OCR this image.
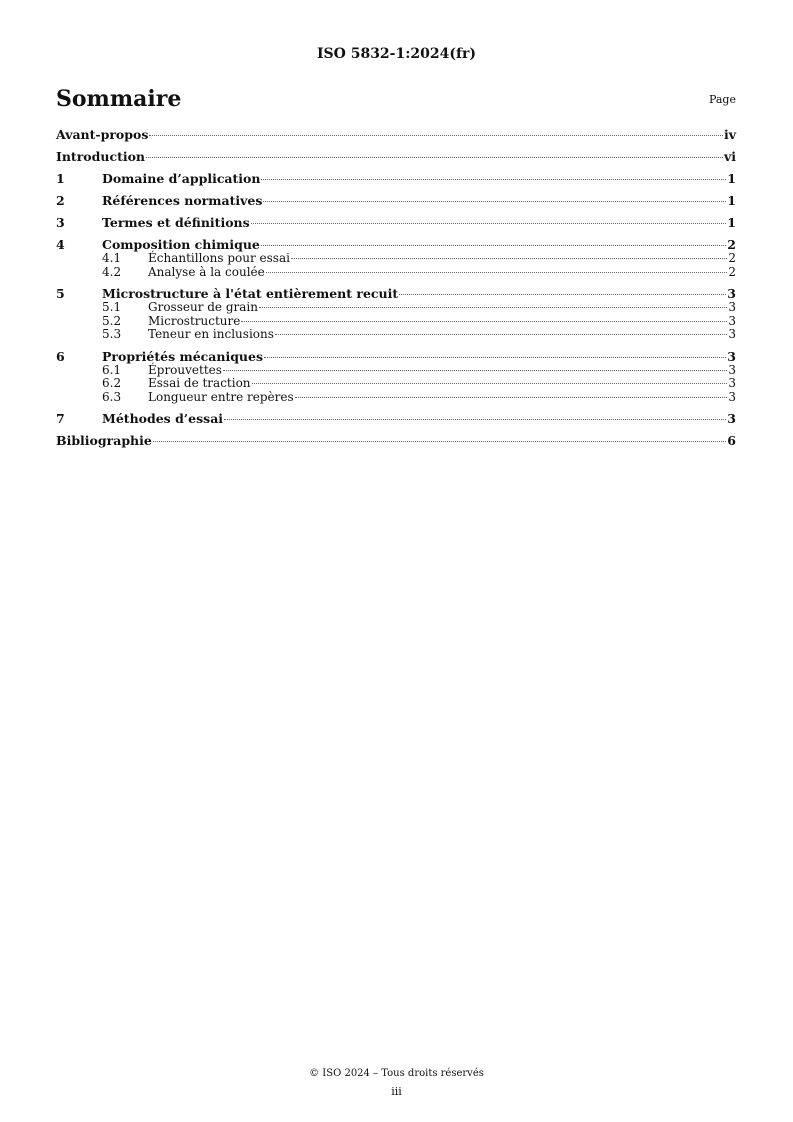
ISO 5832-1:2024(fr)
Sommaire	Page
Avant-propos	iv
Introduction	vi
1	Domaine d’application	1
2	Références normatives	1
3	Termes et définitions	1
4	Composition chimique	2
4.1	Échantillons pour essai	2
4.2	Analyse à la coulée	2
5	Microstructure à l'état entièrement recuit	3
5.1	Grosseur de grain	3
5.2	Microstructure	3
5.3	Teneur en inclusions	3
6	Propriétés mécaniques	3
6.1	Éprouvettes	3
6.2	Essai de traction	3
6.3	Longueur entre repères	3
7	Méthodes d’essai	3
Bibliographie	6
© ISO 2024 – Tous droits réservés
iii
